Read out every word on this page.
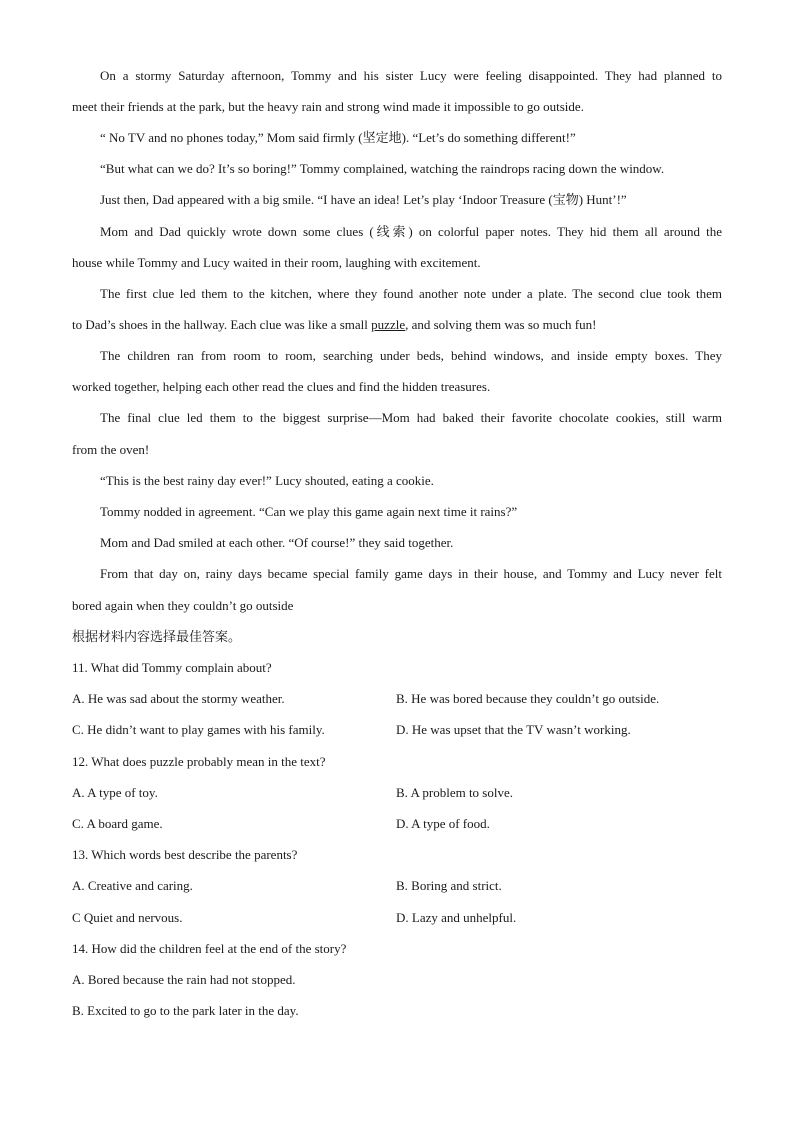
On a stormy Saturday afternoon, Tommy and his sister Lucy were feeling disappointed. They had planned to
meet their friends at the park, but the heavy rain and strong wind made it impossible to go outside.
“ No TV and no phones today,” Mom said firmly (坚定地). “Let’s do something different!”
“But what can we do? It’s so boring!” Tommy complained, watching the raindrops racing down the window.
Just then, Dad appeared with a big smile. “I have an idea! Let’s play ‘Indoor Treasure (宝物) Hunt’!”
Mom and Dad quickly wrote down some clues (线索) on colorful paper notes. They hid them all around the
house while Tommy and Lucy waited in their room, laughing with excitement.
The first clue led them to the kitchen, where they found another note under a plate. The second clue took them
to Dad’s shoes in the hallway. Each clue was like a small puzzle, and solving them was so much fun!
The children ran from room to room, searching under beds, behind windows, and inside empty boxes. They
worked together, helping each other read the clues and find the hidden treasures.
The final clue led them to the biggest surprise—Mom had baked their favorite chocolate cookies, still warm
from the oven!
“This is the best rainy day ever!” Lucy shouted, eating a cookie.
Tommy nodded in agreement. “Can we play this game again next time it rains?”
Mom and Dad smiled at each other. “Of course!” they said together.
From that day on, rainy days became special family game days in their house, and Tommy and Lucy never felt
bored again when they couldn’t go outside
根据材料内容选择最佳答案。
11. What did Tommy complain about?
A. He was sad about the stormy weather.	B. He was bored because they couldn’t go outside.
C. He didn’t want to play games with his family.	D. He was upset that the TV wasn’t working.
12. What does puzzle probably mean in the text?
A. A type of toy.	B. A problem to solve.
C. A board game.	D. A type of food.
13. Which words best describe the parents?
A. Creative and caring.	B. Boring and strict.
C Quiet and nervous.	D. Lazy and unhelpful.
14. How did the children feel at the end of the story?
A. Bored because the rain had not stopped.
B. Excited to go to the park later in the day.
